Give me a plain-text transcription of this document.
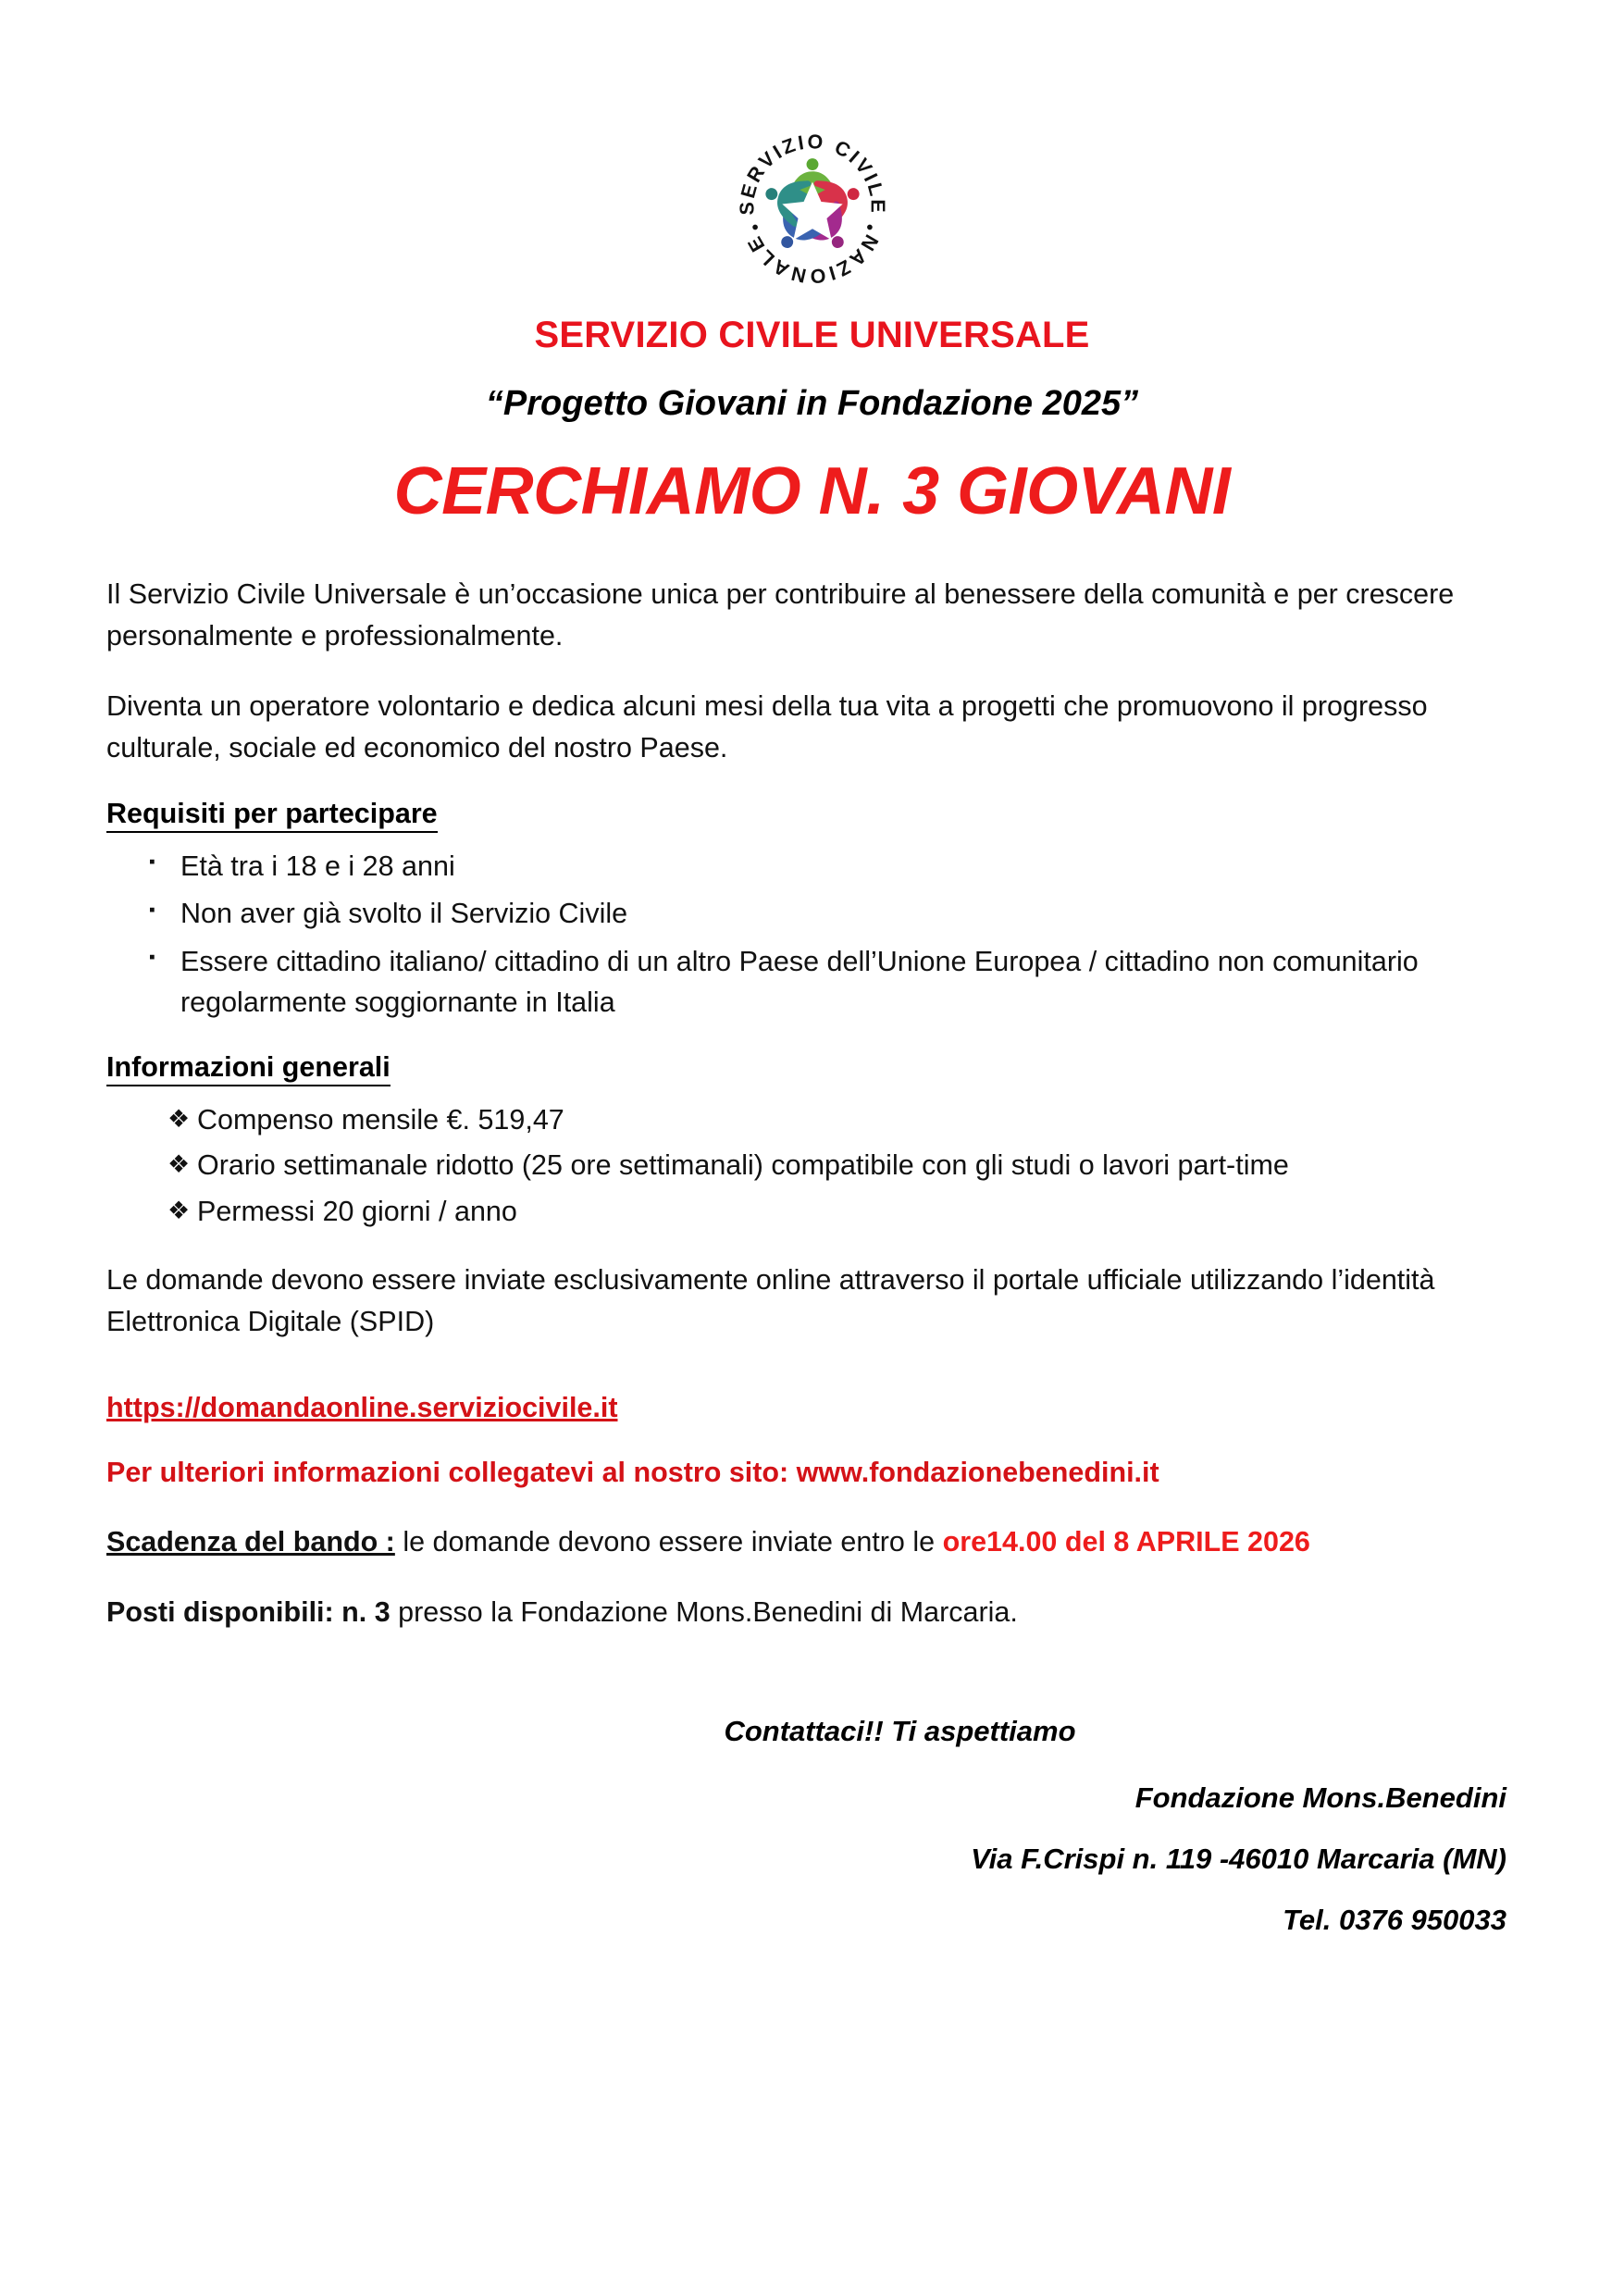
SERVIZIO CIVILE
NAZIONALE
SERVIZIO CIVILE UNIVERSALE
“Progetto Giovani in Fondazione 2025”
CERCHIAMO N. 3 GIOVANI

Il Servizio Civile Universale è un’occasione unica per contribuire al benessere della comunità e per crescere personalmente e professionalmente.

Diventa un operatore volontario e dedica alcuni mesi della tua vita a progetti che promuovono il progresso culturale, sociale ed economico del nostro Paese.

Requisiti per partecipare
▪ Età tra i 18 e i 28 anni
▪ Non aver già svolto il Servizio Civile
▪ Essere cittadino italiano/ cittadino di un altro Paese dell’Unione Europea / cittadino non comunitario regolarmente soggiornante in Italia
Informazioni generali
❖ Compenso mensile €. 519,47
❖ Orario settimanale ridotto (25 ore settimanali) compatibile con gli studi o lavori part-time
❖ Permessi 20 giorni / anno

Le domande devono essere inviate esclusivamente online attraverso il portale ufficiale utilizzando l’identità Elettronica Digitale (SPID)

https://domandaonline.serviziocivile.it

Per ulteriori informazioni collegatevi al nostro sito: www.fondazionebenedini.it

Scadenza del bando : le domande devono essere inviate entro le ore14.00 del 8 APRILE 2026

Posti disponibili: n. 3 presso la Fondazione Mons.Benedini di Marcaria.

Contattaci!! Ti aspettiamo
Fondazione Mons.Benedini
Via F.Crispi n. 119 -46010 Marcaria (MN)
Tel. 0376 950033
